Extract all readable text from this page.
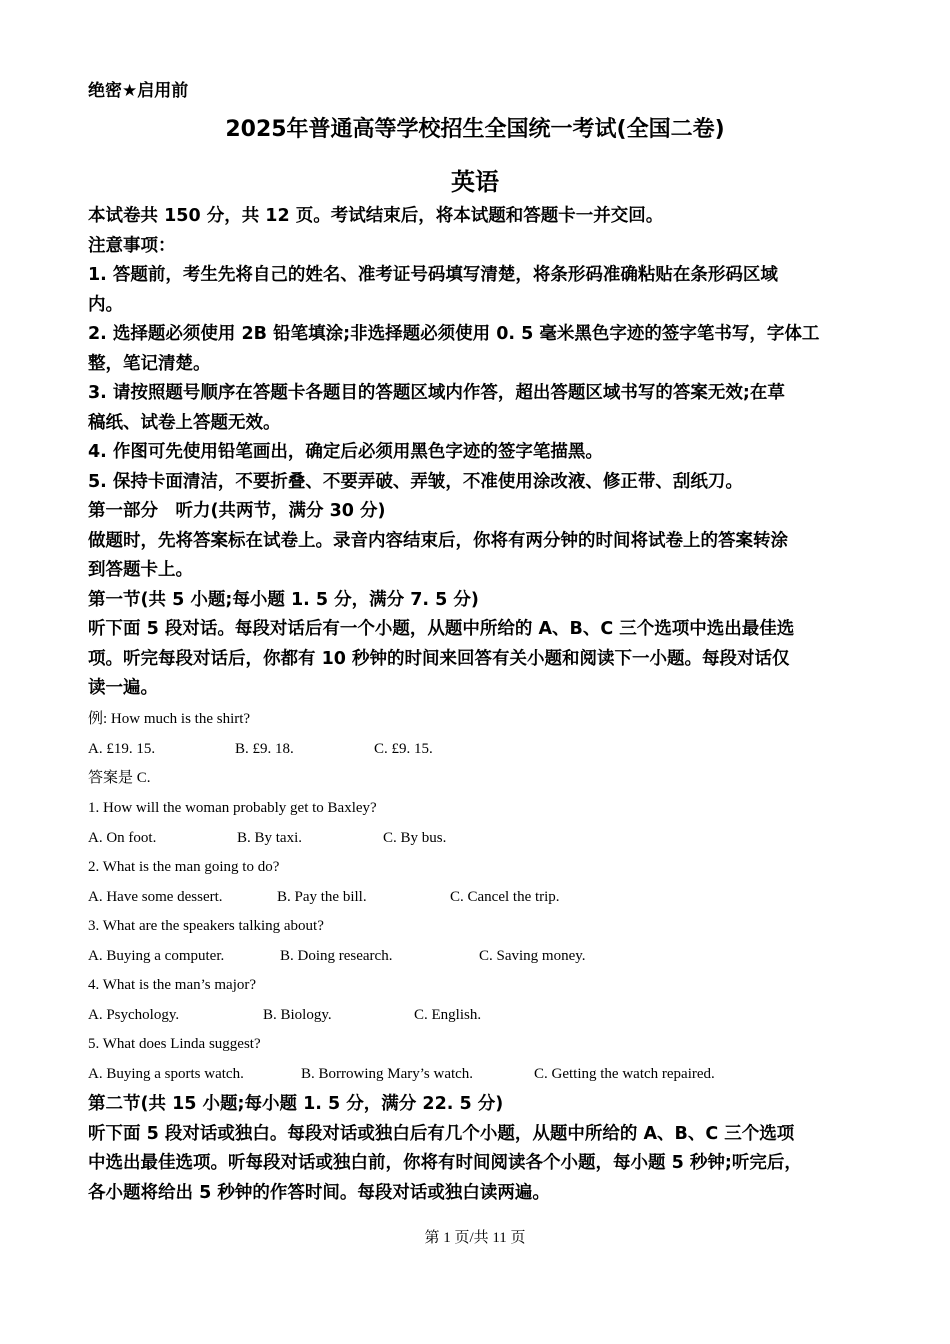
绝密★启用前
2025年普通高等学校招生全国统一考试(全国二卷)
英语
本试卷共 150 分，共 12 页。考试结束后，将本试题和答题卡一并交回。
注意事项：
1. 答题前，考生先将自己的姓名、准考证号码填写清楚，将条形码准确粘贴在条形码区域
内。
2. 选择题必须使用 2B 铅笔填涂;非选择题必须使用 0. 5 毫米黑色字迹的签字笔书写，字体工
整，笔记清楚。
3. 请按照题号顺序在答题卡各题目的答题区域内作答，超出答题区域书写的答案无效;在草
稿纸、试卷上答题无效。
4. 作图可先使用铅笔画出，确定后必须用黑色字迹的签字笔描黑。
5. 保持卡面清洁，不要折叠、不要弄破、弄皱，不准使用涂改液、修正带、刮纸刀。
第一部分　听力(共两节，满分 30 分)
做题时，先将答案标在试卷上。录音内容结束后，你将有两分钟的时间将试卷上的答案转涂
到答题卡上。
第一节(共 5 小题;每小题 1. 5 分，满分 7. 5 分)
听下面 5 段对话。每段对话后有一个小题，从题中所给的 A、B、C 三个选项中选出最佳选
项。听完每段对话后，你都有 10 秒钟的时间来回答有关小题和阅读下一小题。每段对话仅
读一遍。
例: How much is the shirt?
A. £19. 15.	B. £9. 18.	C. £9. 15.
答案是 C.
1. How will the woman probably get to Baxley?
A. On foot.	B. By taxi.	C. By bus.
2. What is the man going to do?
A. Have some dessert.	B. Pay the bill.	C. Cancel the trip.
3. What are the speakers talking about?
A. Buying a computer.	B. Doing research.	C. Saving money.
4. What is the man’s major?
A. Psychology.	B. Biology.	C. English.
5. What does Linda suggest?
A. Buying a sports watch.	B. Borrowing Mary’s watch.	C. Getting the watch repaired.
第二节(共 15 小题;每小题 1. 5 分，满分 22. 5 分)
听下面 5 段对话或独白。每段对话或独白后有几个小题，从题中所给的 A、B、C 三个选项
中选出最佳选项。听每段对话或独白前，你将有时间阅读各个小题，每小题 5 秒钟;听完后，
各小题将给出 5 秒钟的作答时间。每段对话或独白读两遍。
第 1 页/共 11 页
